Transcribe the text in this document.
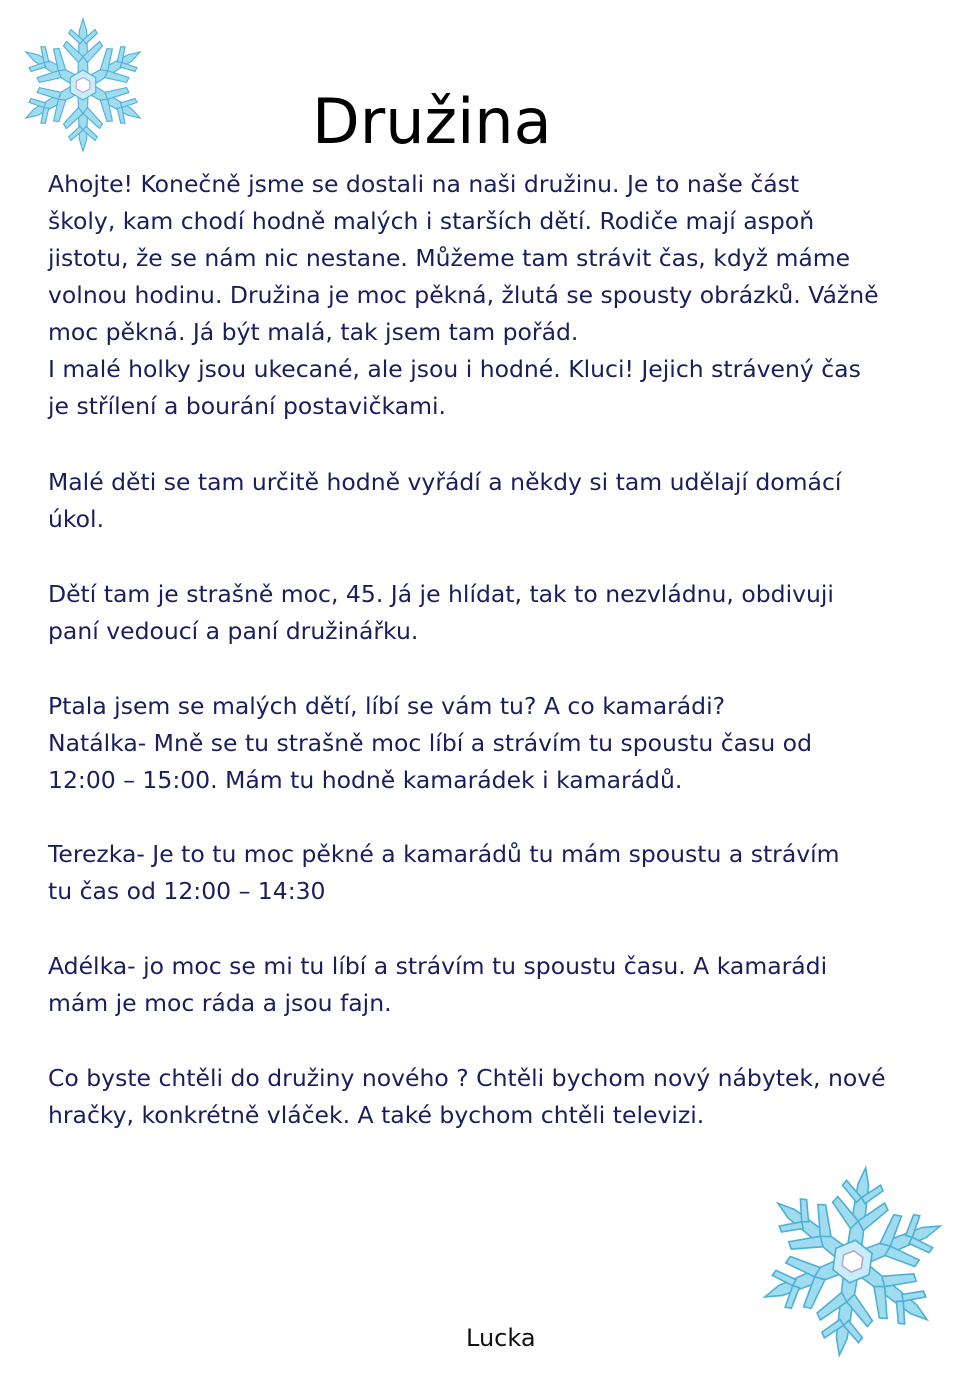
Družina

Ahojte! Konečně jsme se dostali na naši družinu. Je to naše část
školy, kam chodí hodně malých i starších dětí. Rodiče mají aspoň
jistotu, že se nám nic nestane. Můžeme tam strávit čas, když máme
volnou hodinu. Družina je moc pěkná, žlutá se spousty obrázků. Vážně
moc pěkná. Já být malá, tak jsem tam pořád.
I malé holky jsou ukecané, ale jsou i hodné. Kluci! Jejich strávený čas
je střílení a bourání postavičkami.

Malé děti se tam určitě hodně vyřádí a někdy si tam udělají domácí
úkol.

Dětí tam je strašně moc, 45. Já je hlídat, tak to nezvládnu, obdivuji
paní vedoucí a paní družinářku.

Ptala jsem se malých dětí, líbí se vám tu? A co kamarádi?
Natálka- Mně se tu strašně moc líbí a strávím tu spoustu času od
12:00 – 15:00. Mám tu hodně kamarádek i kamarádů.

Terezka- Je to tu moc pěkné a kamarádů tu mám spoustu a strávím
tu čas od 12:00 – 14:30

Adélka- jo moc se mi tu líbí a strávím tu spoustu času. A kamarádi
mám je moc ráda a jsou fajn.

Co byste chtěli do družiny nového ? Chtěli bychom nový nábytek, nové
hračky, konkrétně vláček. A také bychom chtěli televizi.

Lucka
